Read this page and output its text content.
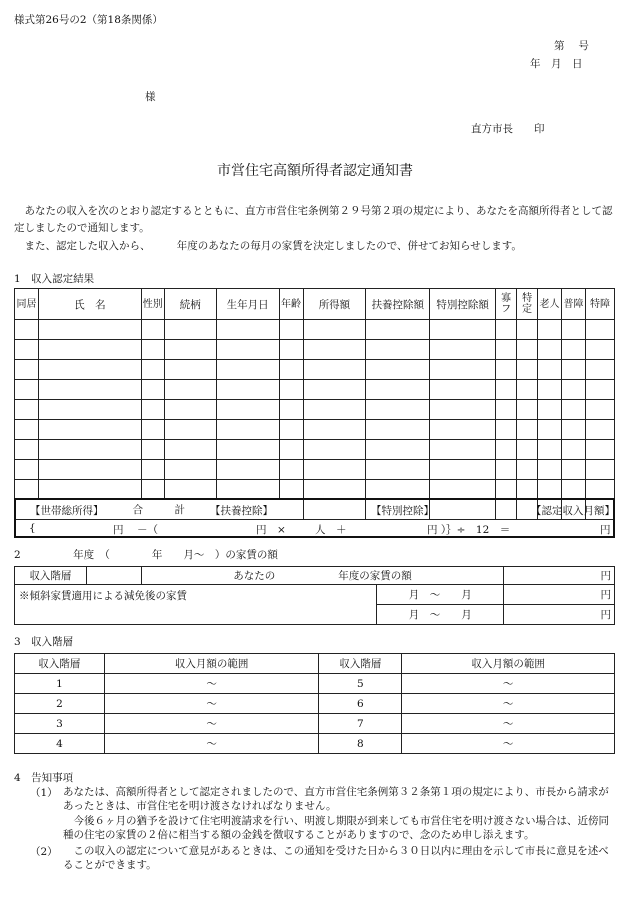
様式第26号の2（第18条関係）
第　 号
年　月　日
様
直方市長　　印
市営住宅高額所得者認定通知書
あなたの収入を次のとおり認定するとともに、直方市営住宅条例第２９号第２項の規定により、あなたを高額所得者として認定しましたので通知します。
また、認定した収入から、　　　年度のあなたの毎月の家賃を決定しましたので、併せてお知らせします。
1　収入認定結果
同居	氏　名	性別	続柄	生年月日	年齢	所得額	扶養控除額	特別控除額	寡フ	特定	老人	普障	特障

合　　　計													
【世帯総所得】	【扶養控除】	【特別控除】	【認定収入月額】
{	円 －（	円　×	人　＋	円 ）｝÷　12　＝	円
2　　　　　年度　（　　　　年　　月～　）の家賃の額
収入階層		あなたの　　　　　　年度の家賃の額		円
※傾斜家賃適用による減免後の家賃			月　～　　月	円
			月　～　　月	円
3　収入階層
収入階層	収入月額の範囲	収入階層	収入月額の範囲
1	～	5	～
2	～	6	～
3	～	7	～
4	～	8	～
4　告知事項
（1） あなたは、高額所得者として認定されましたので、直方市営住宅条例第３２条第１項の規定により、市長から請求があったときは、市営住宅を明け渡さなければなりません。
今後６ヶ月の猶予を設けて住宅明渡請求を行い、明渡し期限が到来しても市営住宅を明け渡さない場合は、近傍同種の住宅の家賃の２倍に相当する額の金銭を徴収することがありますので、念のため申し添えます。
（2）	この収入の認定について意見があるときは、この通知を受けた日から３０日以内に理由を示して市長に意見を述べることができます。
